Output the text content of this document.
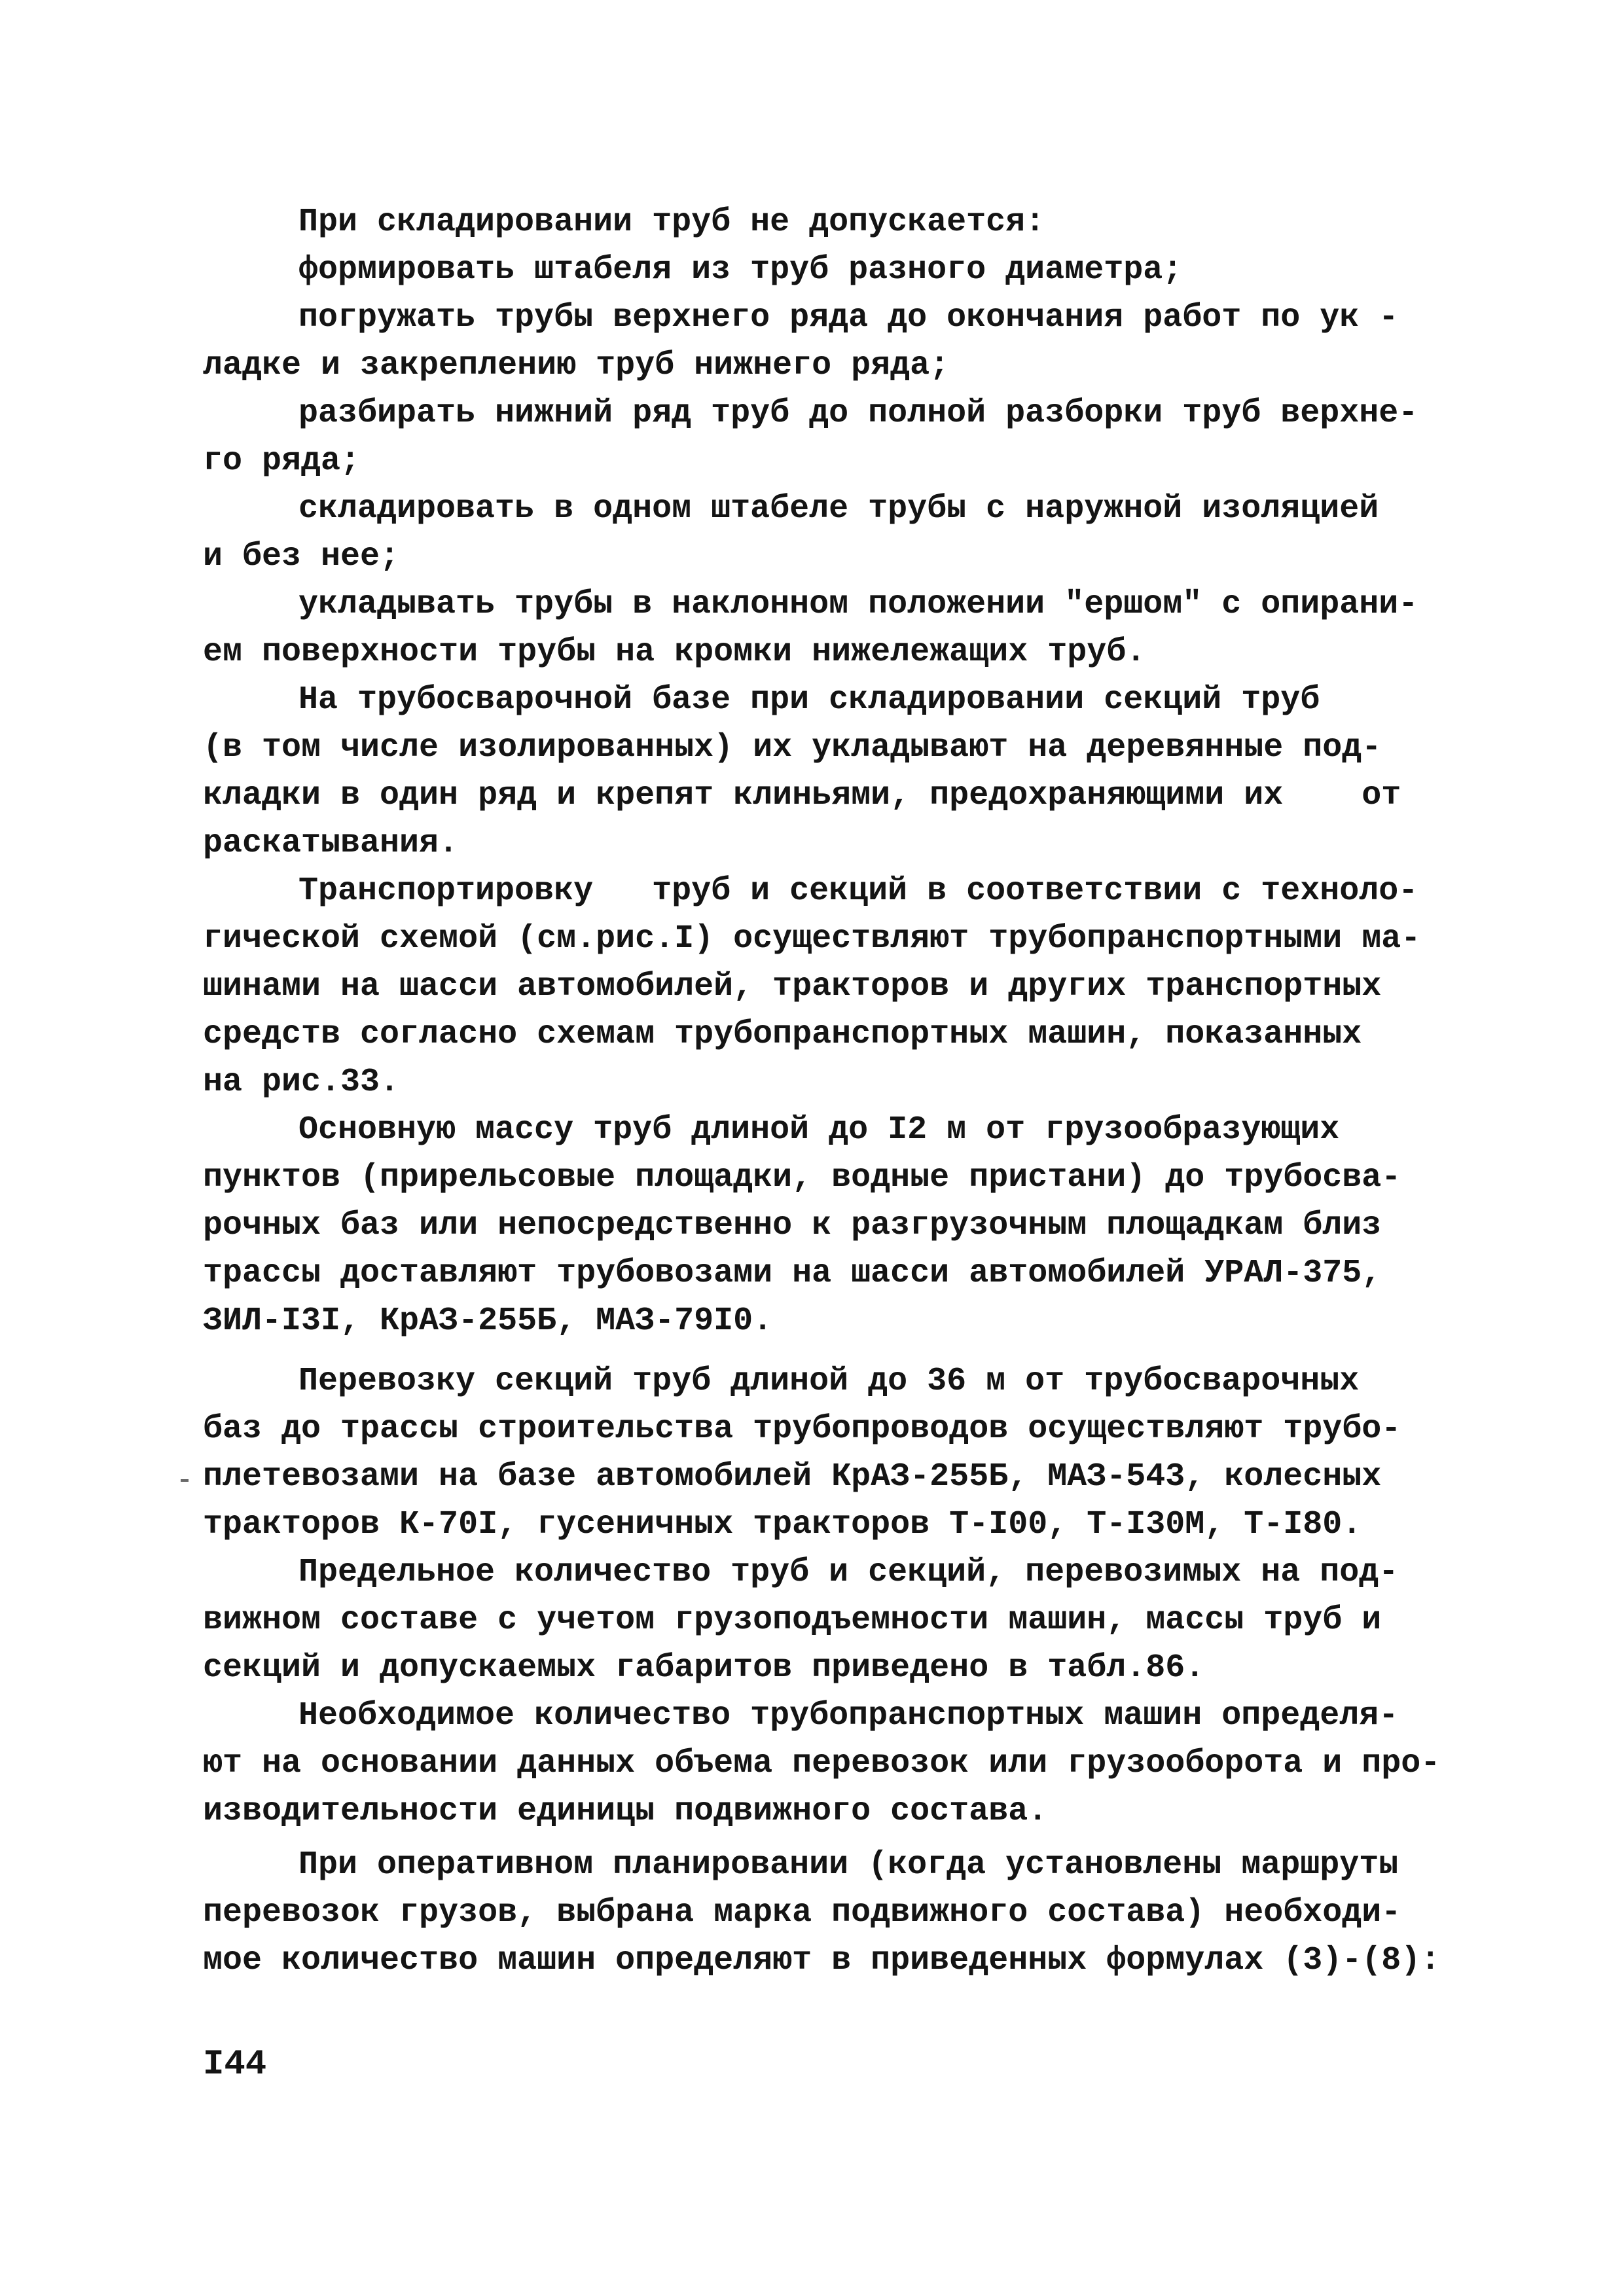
При складировании труб не допускается:
формировать штабеля из труб разного диаметра;
погружать трубы верхнего ряда до окончания работ по ук -
ладке и закреплению труб нижнего ряда;
разбирать нижний ряд труб до полной разборки труб верхне-
го ряда;
складировать в одном штабеле трубы с наружной изоляцией
и без нее;
укладывать трубы в наклонном положении "ершом" с опирани-
ем поверхности трубы на кромки нижележащих труб.
На трубосварочной базе при складировании секций труб
(в том числе изолированных) их укладывают на деревянные под-
кладки в один ряд и крепят клиньями, предохраняющими их    от
раскатывания.
Транспортировку   труб и секций в соответствии с техноло-
гической схемой (см.рис.I) осуществляют трубопранспортными ма-
шинами на шасси автомобилей, тракторов и других транспортных
средств согласно схемам трубопранспортных машин, показанных
на рис.33.
Основную массу труб длиной до I2 м от грузообразующих
пунктов (прирельсовые площадки, водные пристани) до трубосва-
рочных баз или непосредственно к разгрузочным площадкам близ
трассы доставляют трубовозами на шасси автомобилей УРАЛ-375,
ЗИЛ-I3I, КрАЗ-255Б, МАЗ-79I0.
Перевозку секций труб длиной до 36 м от трубосварочных
баз до трассы строительства трубопроводов осуществляют трубо-
плетевозами на базе автомобилей КрАЗ-255Б, МАЗ-543, колесных
тракторов К-70I, гусеничных тракторов Т-I00, Т-I30М, Т-I80.
Предельное количество труб и секций, перевозимых на под-
вижном составе с учетом грузоподъемности машин, массы труб и
секций и допускаемых габаритов приведено в табл.86.
Необходимое количество трубопранспортных машин определя-
ют на основании данных объема перевозок или грузооборота и про-
изводительности единицы подвижного состава.
При оперативном планировании (когда установлены маршруты
перевозок грузов, выбрана марка подвижного состава) необходи-
мое количество машин определяют в приведенных формулах (3)-(8):
I44
